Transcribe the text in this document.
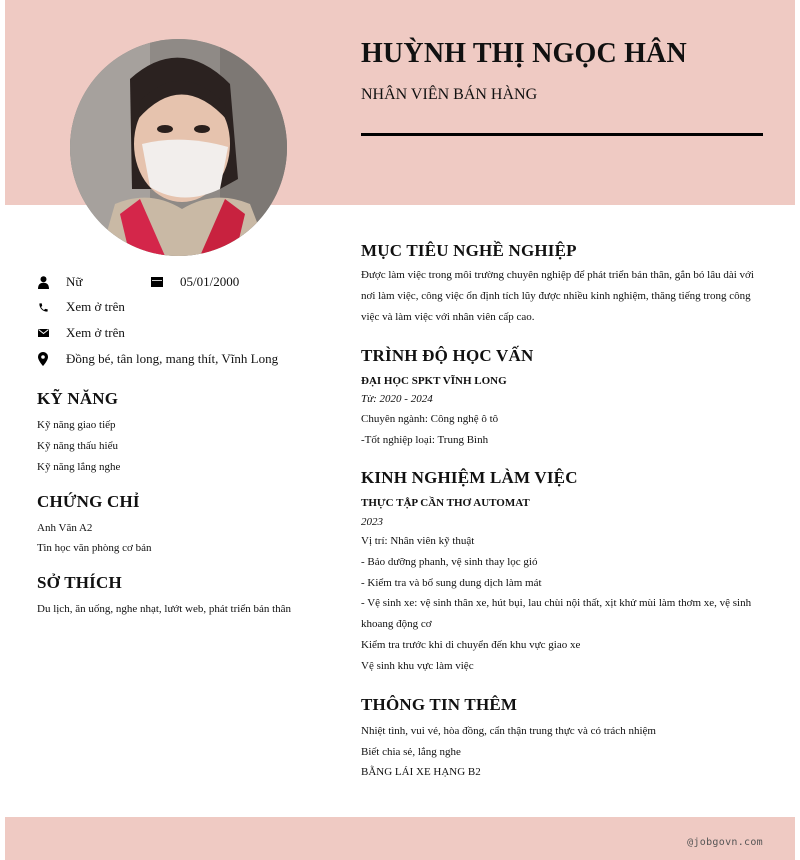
HUỲNH THỊ NGỌC HÂN
NHÂN VIÊN BÁN HÀNG
Nữ	05/01/2000
Xem ở trên
Xem ở trên
Đồng bé, tân long, mang thít, Vĩnh Long
KỸ NĂNG
Kỹ năng giao tiếp
Kỹ năng thấu hiểu
Kỹ năng lắng nghe
CHỨNG CHỈ
Anh Văn A2
Tin học văn phòng cơ bản
SỞ THÍCH
Du lịch, ăn uống, nghe nhạt, lướt web, phát triển bản thân
MỤC TIÊU NGHỀ NGHIỆP
Được làm việc trong môi trường chuyên nghiệp để phát triển bản thân, gắn bó lâu dài với nơi làm việc, công việc ổn định tích lũy được nhiều kinh nghiệm, thăng tiếng trong công việc và làm việc với nhân viên cấp cao.
TRÌNH ĐỘ HỌC VẤN
ĐẠI HỌC SPKT VĨNH LONG
Từ: 2020 - 2024
Chuyên ngành: Công nghệ ô tô
-Tốt nghiệp loại: Trung Bình
KINH NGHIỆM LÀM VIỆC
THỰC TẬP CẦN THƠ AUTOMAT
2023
Vị trí: Nhân viên kỹ thuật
- Bảo dưỡng phanh, vệ sinh thay lọc gió
- Kiểm tra và bổ sung dung dịch làm mát
- Vệ sinh xe: vệ sinh thân xe, hút bụi, lau chùi nội thất, xịt khử mùi làm thơm xe, vệ sinh khoang động cơ
Kiểm tra trước khi di chuyển đến khu vực giao xe
Vệ sinh khu vực làm việc
THÔNG TIN THÊM
Nhiệt tình, vui vẻ, hòa đồng, cẩn thận trung thực và có trách nhiệm
Biết chia sẻ, lắng nghe
BẰNG LÁI XE HẠNG B2
@jobgovn.com
